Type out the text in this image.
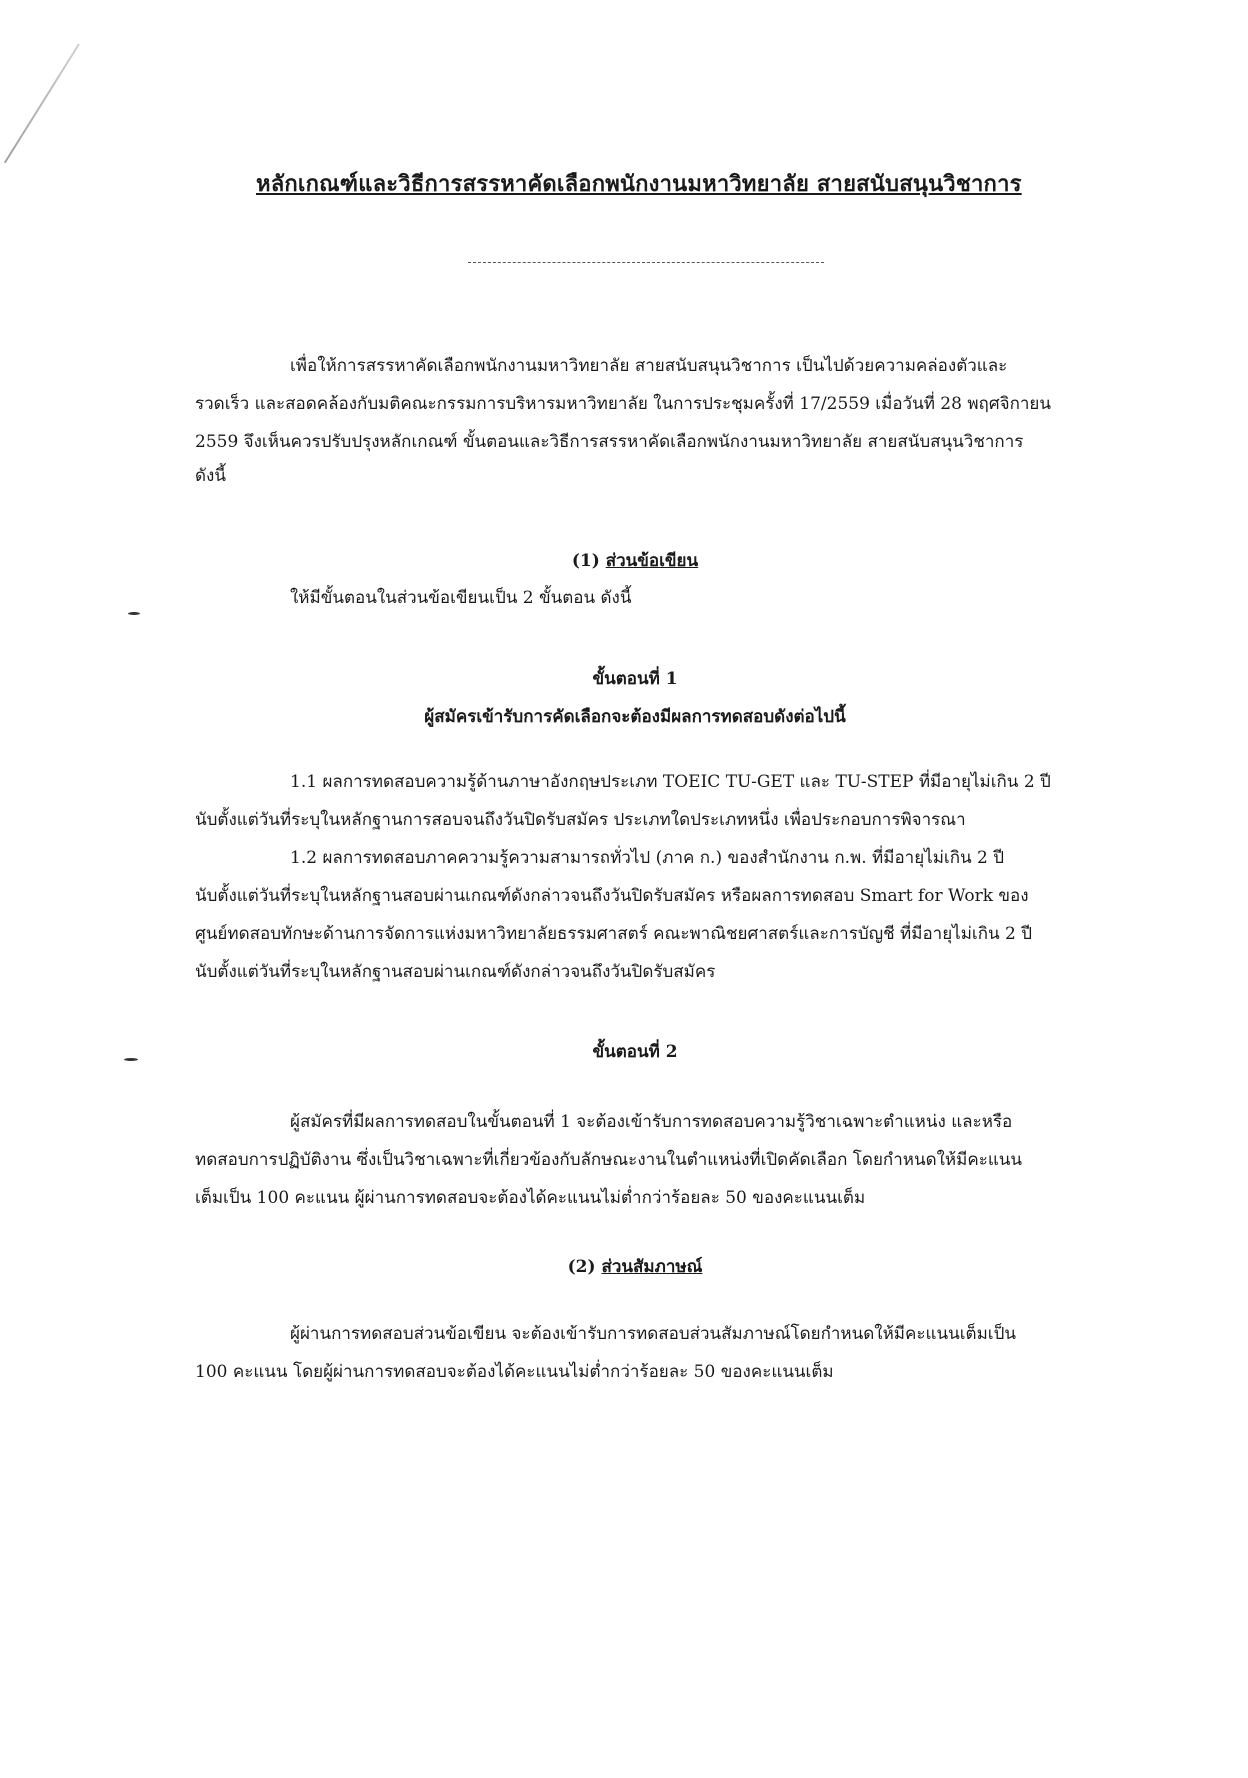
หลักเกณฑ์และวิธีการสรรหาคัดเลือกพนักงานมหาวิทยาลัย สายสนับสนุนวิชาการ
เพื่อให้การสรรหาคัดเลือกพนักงานมหาวิทยาลัย สายสนับสนุนวิชาการ เป็นไปด้วยความคล่องตัวและ
รวดเร็ว และสอดคล้องกับมติคณะกรรมการบริหารมหาวิทยาลัย ในการประชุมครั้งที่ 17/2559 เมื่อวันที่ 28 พฤศจิกายน
2559 จึงเห็นควรปรับปรุงหลักเกณฑ์ ขั้นตอนและวิธีการสรรหาคัดเลือกพนักงานมหาวิทยาลัย สายสนับสนุนวิชาการ
ดังนี้
(1) ส่วนข้อเขียน
ให้มีขั้นตอนในส่วนข้อเขียนเป็น 2 ขั้นตอน ดังนี้
ขั้นตอนที่ 1
ผู้สมัครเข้ารับการคัดเลือกจะต้องมีผลการทดสอบดังต่อไปนี้
1.1 ผลการทดสอบความรู้ด้านภาษาอังกฤษประเภท TOEIC TU-GET และ TU-STEP ที่มีอายุไม่เกิน 2 ปี
นับตั้งแต่วันที่ระบุในหลักฐานการสอบจนถึงวันปิดรับสมัคร ประเภทใดประเภทหนึ่ง เพื่อประกอบการพิจารณา
1.2 ผลการทดสอบภาคความรู้ความสามารถทั่วไป (ภาค ก.) ของสำนักงาน ก.พ. ที่มีอายุไม่เกิน 2 ปี
นับตั้งแต่วันที่ระบุในหลักฐานสอบผ่านเกณฑ์ดังกล่าวจนถึงวันปิดรับสมัคร หรือผลการทดสอบ Smart for Work ของ
ศูนย์ทดสอบทักษะด้านการจัดการแห่งมหาวิทยาลัยธรรมศาสตร์ คณะพาณิชยศาสตร์และการบัญชี ที่มีอายุไม่เกิน 2 ปี
นับตั้งแต่วันที่ระบุในหลักฐานสอบผ่านเกณฑ์ดังกล่าวจนถึงวันปิดรับสมัคร
ขั้นตอนที่ 2
ผู้สมัครที่มีผลการทดสอบในขั้นตอนที่ 1 จะต้องเข้ารับการทดสอบความรู้วิชาเฉพาะตำแหน่ง และหรือ
ทดสอบการปฏิบัติงาน ซึ่งเป็นวิชาเฉพาะที่เกี่ยวข้องกับลักษณะงานในตำแหน่งที่เปิดคัดเลือก โดยกำหนดให้มีคะแนน
เต็มเป็น 100 คะแนน ผู้ผ่านการทดสอบจะต้องได้คะแนนไม่ต่ำกว่าร้อยละ 50 ของคะแนนเต็ม
(2) ส่วนสัมภาษณ์
ผู้ผ่านการทดสอบส่วนข้อเขียน จะต้องเข้ารับการทดสอบส่วนสัมภาษณ์โดยกำหนดให้มีคะแนนเต็มเป็น
100 คะแนน โดยผู้ผ่านการทดสอบจะต้องได้คะแนนไม่ต่ำกว่าร้อยละ 50 ของคะแนนเต็ม
